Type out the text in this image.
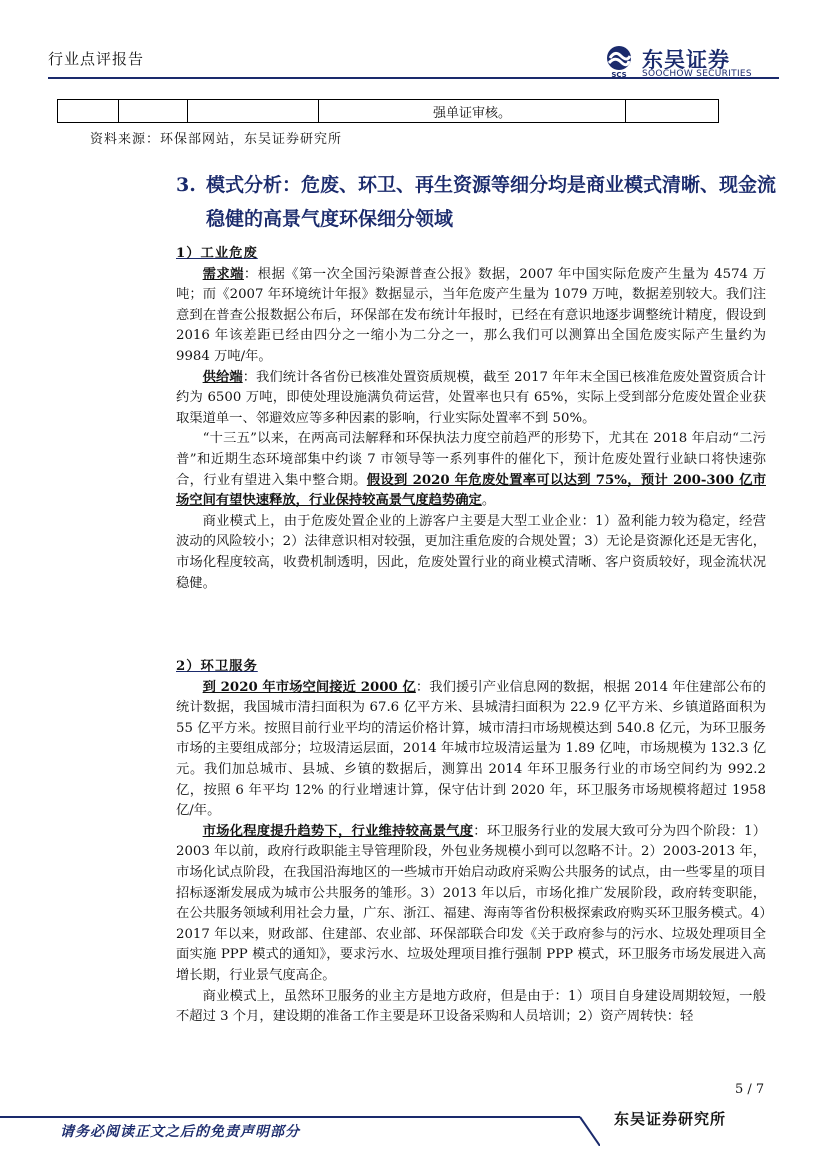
行业点评报告
SCS
东吴证券
SOOCHOW SECURITIES
			强单证审核。	
资料来源：环保部网站，东吴证券研究所
3. 模式分析：危废、环卫、再生资源等细分均是商业模式清晰、现金流稳健的高景气度环保细分领域
1）工业危废
需求端：根据《第一次全国污染源普查公报》数据，2007 年中国实际危废产生量为 4574 万吨；而《2007 年环境统计年报》数据显示，当年危废产生量为 1079 万吨，数据差别较大。我们注意到在普查公报数据公布后，环保部在发布统计年报时，已经在有意识地逐步调整统计精度，假设到 2016 年该差距已经由四分之一缩小为二分之一，那么我们可以测算出全国危废实际产生量约为 9984 万吨/年。
供给端：我们统计各省份已核准处置资质规模，截至 2017 年年末全国已核准危废处置资质合计约为 6500 万吨，即使处理设施满负荷运营，处置率也只有 65%，实际上受到部分危废处置企业获取渠道单一、邻避效应等多种因素的影响，行业实际处置率不到 50%。
“十三五”以来，在两高司法解释和环保执法力度空前趋严的形势下，尤其在 2018 年启动“二污普”和近期生态环境部集中约谈 7 市领导等一系列事件的催化下，预计危废处置行业缺口将快速弥合，行业有望进入集中整合期。假设到 2020 年危废处置率可以达到 75%，预计 200-300 亿市场空间有望快速释放，行业保持较高景气度趋势确定。
商业模式上，由于危废处置企业的上游客户主要是大型工业企业：1）盈利能力较为稳定，经营波动的风险较小；2）法律意识相对较强，更加注重危废的合规处置；3）无论是资源化还是无害化，市场化程度较高，收费机制透明，因此，危废处置行业的商业模式清晰、客户资质较好，现金流状况稳健。
2）环卫服务
到 2020 年市场空间接近 2000 亿：我们援引产业信息网的数据，根据 2014 年住建部公布的统计数据，我国城市清扫面积为 67.6 亿平方米、县城清扫面积为 22.9 亿平方米、乡镇道路面积为 55 亿平方米。按照目前行业平均的清运价格计算，城市清扫市场规模达到 540.8 亿元，为环卫服务市场的主要组成部分；垃圾清运层面，2014 年城市垃圾清运量为 1.89 亿吨，市场规模为 132.3 亿元。我们加总城市、县城、乡镇的数据后，测算出 2014 年环卫服务行业的市场空间约为 992.2 亿，按照 6 年平均 12% 的行业增速计算，保守估计到 2020 年，环卫服务市场规模将超过 1958 亿/年。
市场化程度提升趋势下，行业维持较高景气度：环卫服务行业的发展大致可分为四个阶段：1）2003 年以前，政府行政职能主导管理阶段，外包业务规模小到可以忽略不计。2）2003-2013 年，市场化试点阶段，在我国沿海地区的一些城市开始启动政府采购公共服务的试点，由一些零星的项目招标逐渐发展成为城市公共服务的雏形。3）2013 年以后，市场化推广发展阶段，政府转变职能，在公共服务领域利用社会力量，广东、浙江、福建、海南等省份积极探索政府购买环卫服务模式。4）2017 年以来，财政部、住建部、农业部、环保部联合印发《关于政府参与的污水、垃圾处理项目全面实施 PPP 模式的通知》，要求污水、垃圾处理项目推行强制 PPP 模式，环卫服务市场发展进入高增长期，行业景气度高企。
商业模式上，虽然环卫服务的业主方是地方政府，但是由于：1）项目自身建设周期较短，一般不超过 3 个月，建设期的准备工作主要是环卫设备采购和人员培训；2）资产周转快：轻
5 / 7
请务必阅读正文之后的免责声明部分
东吴证券研究所
